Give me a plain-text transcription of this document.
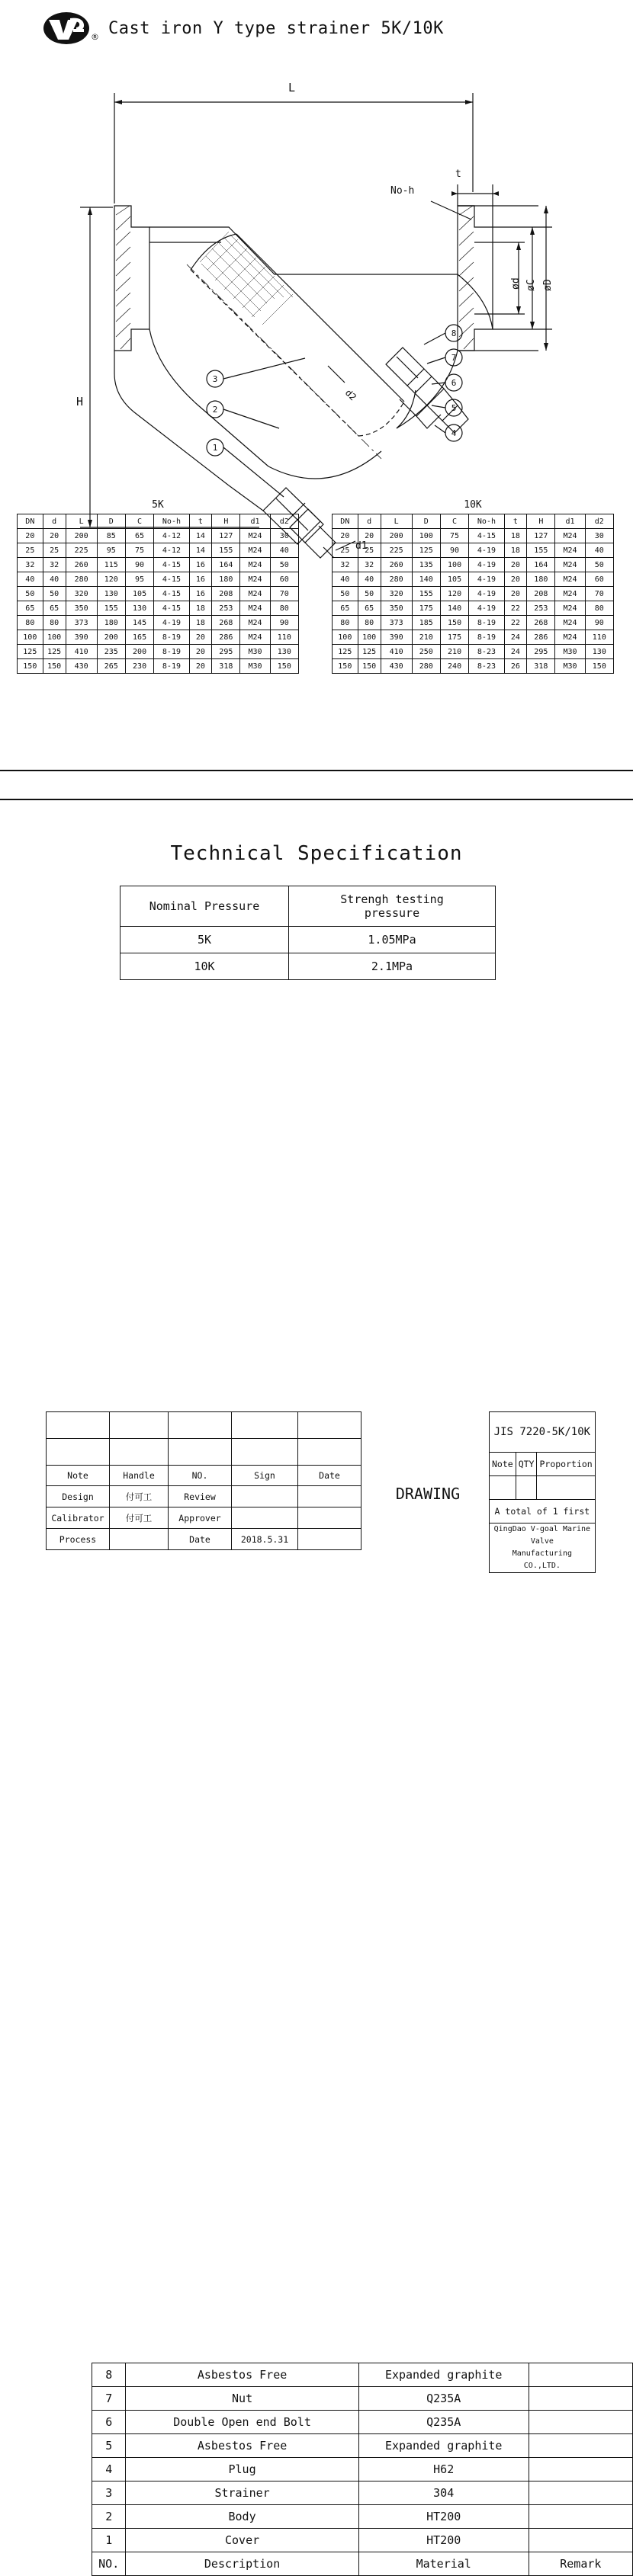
® Cast iron Y type strainer 5K/10K
L
t
No-h
H	d2
d1
øD
øC
ød
8
7
6
5
4
3
2
1
5K
DN	d	L	D	C	No-h	t	H	d1	d2
20	20	200	85	65	4-12	14	127	M24	30
25	25	225	95	75	4-12	14	155	M24	40
32	32	260	115	90	4-15	16	164	M24	50
40	40	280	120	95	4-15	16	180	M24	60
50	50	320	130	105	4-15	16	208	M24	70
65	65	350	155	130	4-15	18	253	M24	80
80	80	373	180	145	4-19	18	268	M24	90
100	100	390	200	165	8-19	20	286	M24	110
125	125	410	235	200	8-19	20	295	M30	130
150	150	430	265	230	8-19	20	318	M30	150
10K
DN	d	L	D	C	No-h	t	H	d1	d2
20	20	200	100	75	4-15	18	127	M24	30
25	25	225	125	90	4-19	18	155	M24	40
32	32	260	135	100	4-19	20	164	M24	50
40	40	280	140	105	4-19	20	180	M24	60
50	50	320	155	120	4-19	20	208	M24	70
65	65	350	175	140	4-19	22	253	M24	80
80	80	373	185	150	8-19	22	268	M24	90
100	100	390	210	175	8-19	24	286	M24	110
125	125	410	250	210	8-23	24	295	M30	130
150	150	430	280	240	8-23	26	318	M30	150
Technical Specification
Nominal Pressure	Strengh testing
pressure
5K	1.05MPa
10K	2.1MPa
8	Asbestos Free	Expanded graphite	
7	Nut	Q235A	
6	Double Open end Bolt	Q235A	
5	Asbestos Free	Expanded graphite	
4	Plug	H62	
3	Strainer	304	
2	Body	HT200	
1	Cover	HT200	
NO.	Description	Material	Remark

Note	Handle	NO.	Sign	Date
Design	付可工	Review		
Calibrator	付可工	Approver		
Process		Date	2018.5.31	
DRAWING
JIS 7220-5K/10K		
Note	QTY	Proportion

A total of 1 first		
QingDao V-goal Marine Valve
Manufacturing CO.,LTD.		
